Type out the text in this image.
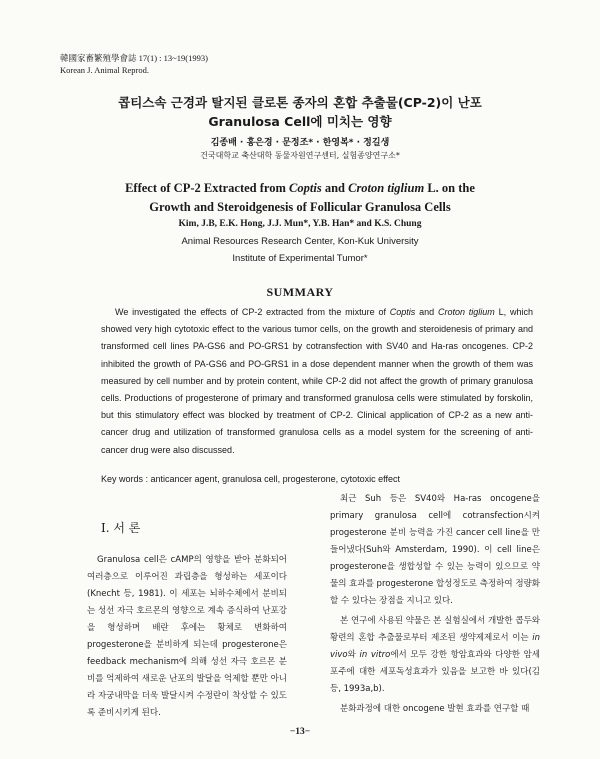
韓國家畜繁殖學會誌 17(1) : 13~19(1993)
Korean J. Animal Reprod.
콥티스속 근경과 탈지된 클로톤 종자의 혼합 추출물(CP-2)이 난포
Granulosa Cell에 미치는 영향
김종배 · 홍은경 · 문정조* · 한영복* · 정길생
건국대학교 축산대학 동물자원연구센터, 실험종양연구소*
Effect of CP-2 Extracted from Coptis and Croton tiglium L. on the
Growth and Steroidgenesis of Follicular Granulosa Cells
Kim, J.B, E.K. Hong, J.J. Mun*, Y.B. Han* and K.S. Chung
Animal Resources Research Center, Kon-Kuk University
Institute of Experimental Tumor*
SUMMARY
We investigated the effects of CP-2 extracted from the mixture of Coptis and Croton tiglium L, which showed very high cytotoxic effect to the various tumor cells, on the growth and steroidenesis of primary and transformed cell lines PA-GS6 and PO-GRS1 by cotransfection with SV40 and Ha-ras oncogenes. CP-2 inhibited the growth of PA-GS6 and PO-GRS1 in a dose dependent manner when the growth of them was measured by cell number and by protein content, while CP-2 did not affect the growth of primary granulosa cells. Productions of progesterone of primary and transformed granulosa cells were stimulated by forskolin, but this stimulatory effect was blocked by treatment of CP-2. Clinical application of CP-2 as a new anti-cancer drug and utilization of transformed granulosa cells as a model system for the screening of anti-cancer drug were also discussed.
Key words : anticancer agent, granulosa cell, progesterone, cytotoxic effect
Ⅰ. 서 론

Granulosa cell은 cAMP의 영향을 받아 분화되어 여러층으로 이루어진 과립층을 형성하는 세포이다(Knecht 등, 1981). 이 세포는 뇌하수체에서 분비되는 성선 자극 호르몬의 영향으로 계속 증식하여 난포강을 형성하며 배란 후에는 황체로 변화하여 progesterone을 분비하게 되는데 progesterone은 feedback mechanism에 의해 성선 자극 호르몬 분비를 억제하여 새로운 난포의 발달을 억제할 뿐만 아니라 자궁내막을 더욱 발달시켜 수정란이 착상할 수 있도록 준비시키게 된다.

최근 Suh 등은 SV40와 Ha-ras oncogene을 primary granulosa cell에 cotransfection시켜 progesterone 분비 능력을 가진 cancer cell line을 만들어냈다(Suh와 Amsterdam, 1990). 이 cell line은 progesterone을 생합성할 수 있는 능력이 있으므로 약물의 효과를 progesterone 합성정도로 측정하여 정량화할 수 있다는 장점을 지니고 있다.

본 연구에 사용된 약물은 본 실험실에서 개발한 콥두와 황련의 혼합 추출물로부터 제조된 생약제제로서 이는 in vivo와 in vitro에서 모두 강한 항암효과와 다양한 암세포주에 대한 세포독성효과가 있음을 보고한 바 있다(김 등, 1993a,b).

분화과정에 대한 oncogene 발현 효과를 연구할 때

−13−
